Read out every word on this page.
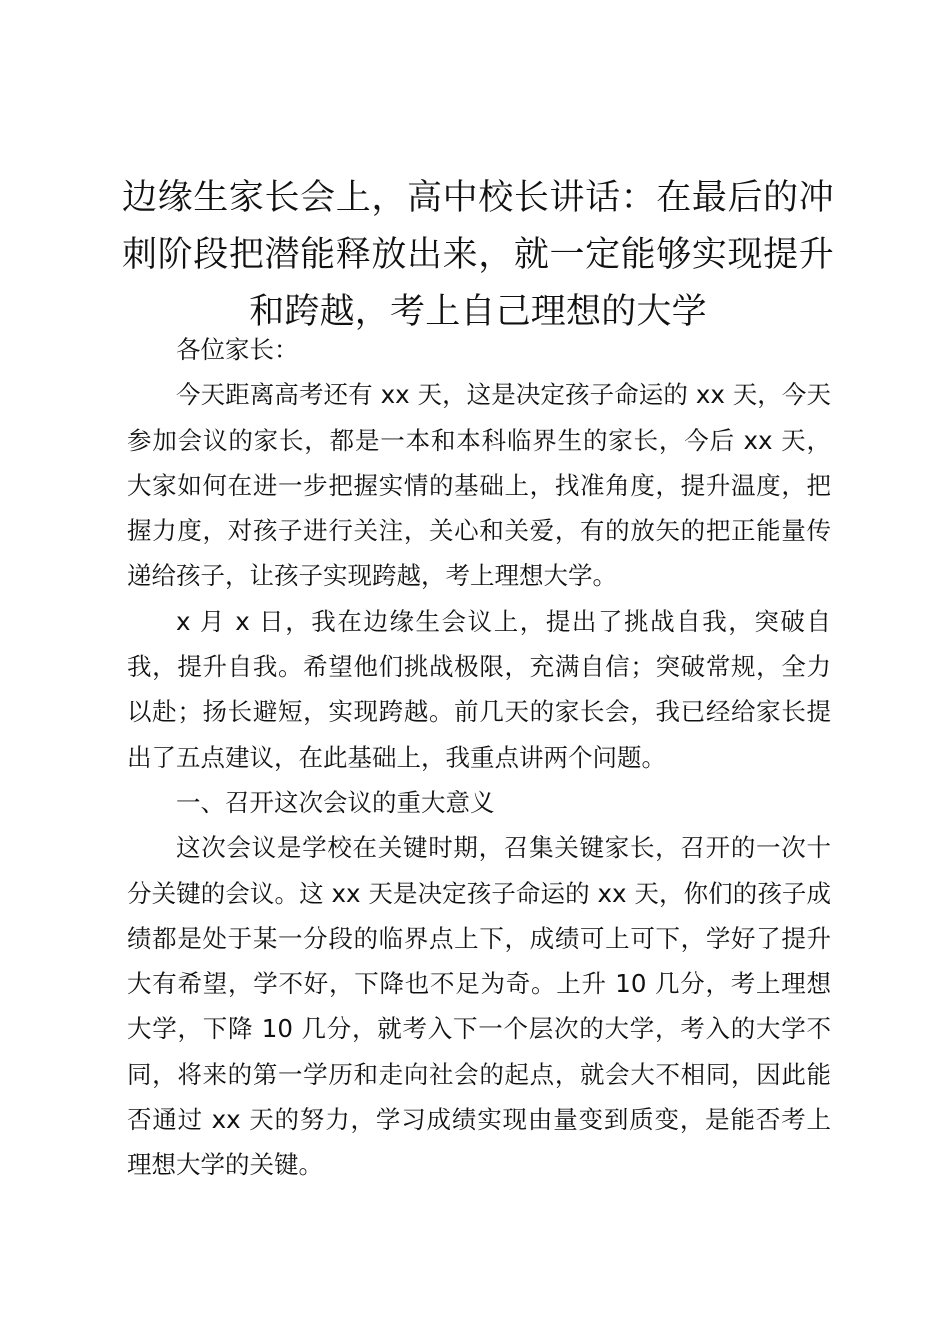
边缘生家长会上，高中校长讲话：在最后的冲
刺阶段把潜能释放出来，就一定能够实现提升
和跨越，考上自己理想的大学

各位家长：

今天距离高考还有 xx 天，这是决定孩子命运的 xx 天，今天参加会议的家长，都是一本和本科临界生的家长，今后 xx 天，大家如何在进一步把握实情的基础上，找准角度，提升温度，把握力度，对孩子进行关注，关心和关爱，有的放矢的把正能量传递给孩子，让孩子实现跨越，考上理想大学。

x 月 x 日，我在边缘生会议上，提出了挑战自我，突破自我，提升自我。希望他们挑战极限，充满自信；突破常规，全力以赴；扬长避短，实现跨越。前几天的家长会，我已经给家长提出了五点建议，在此基础上，我重点讲两个问题。

一、召开这次会议的重大意义

这次会议是学校在关键时期，召集关键家长，召开的一次十分关键的会议。这 xx 天是决定孩子命运的 xx 天，你们的孩子成绩都是处于某一分段的临界点上下，成绩可上可下，学好了提升大有希望，学不好，下降也不足为奇。上升 10 几分，考上理想大学，下降 10 几分，就考入下一个层次的大学，考入的大学不同，将来的第一学历和走向社会的起点，就会大不相同，因此能否通过 xx 天的努力，学习成绩实现由量变到质变，是能否考上理想大学的关键。
